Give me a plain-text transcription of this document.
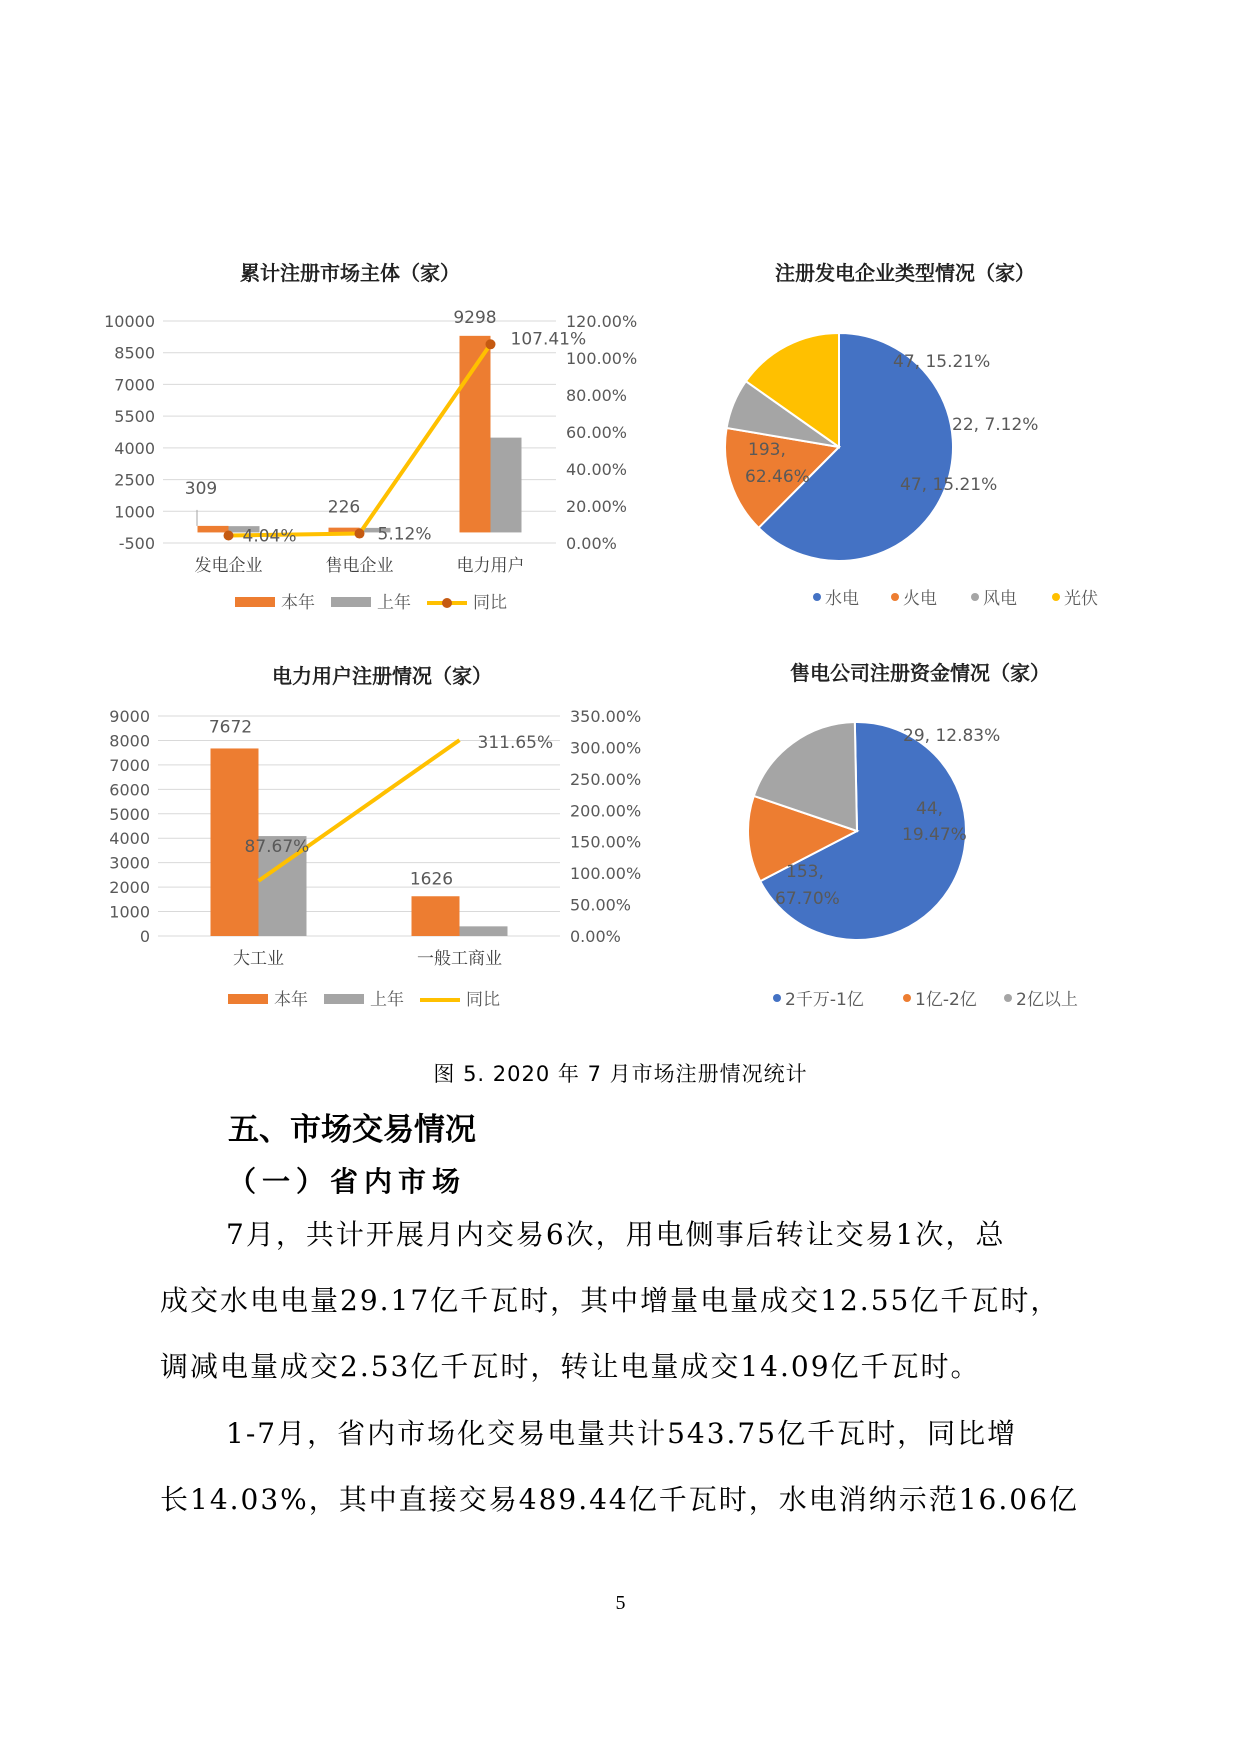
累计注册市场主体（家）
-500
1000
2500
4000
5500
7000
8500
10000
0.00%
20.00%
40.00%
60.00%
80.00%
100.00%
120.00%
发电企业	售电企业	电力用户
309
226
9298
4.04%	5.12%
107.41%
本年	上年	同比
注册发电企业类型情况（家）
193,
62.46%
47, 15.21%
22, 7.12%
47, 15.21%
水电	火电	风电	光伏
电力用户注册情况（家）
0
1000
2000
3000
4000
5000
6000
7000
8000
9000
0.00%
50.00%
100.00%
150.00%
200.00%
250.00%
300.00%
350.00%
大工业	一般工商业
7672
1626
87.67%
311.65%
本年	上年	同比
售电公司注册资金情况（家）
153,
67.70%
29, 12.83%
44,
19.47%
2千万-1亿	1亿-2亿 2亿以上
图 5. 2020 年 7 月市场注册情况统计
五、市场交易情况
（一）省内市场
7月，共计开展月内交易6次，用电侧事后转让交易1次，总
成交水电电量29.17亿千瓦时，其中增量电量成交12.55亿千瓦时，
调减电量成交2.53亿千瓦时，转让电量成交14.09亿千瓦时。
1-7月，省内市场化交易电量共计543.75亿千瓦时，同比增
长14.03%，其中直接交易489.44亿千瓦时，水电消纳示范16.06亿
5
